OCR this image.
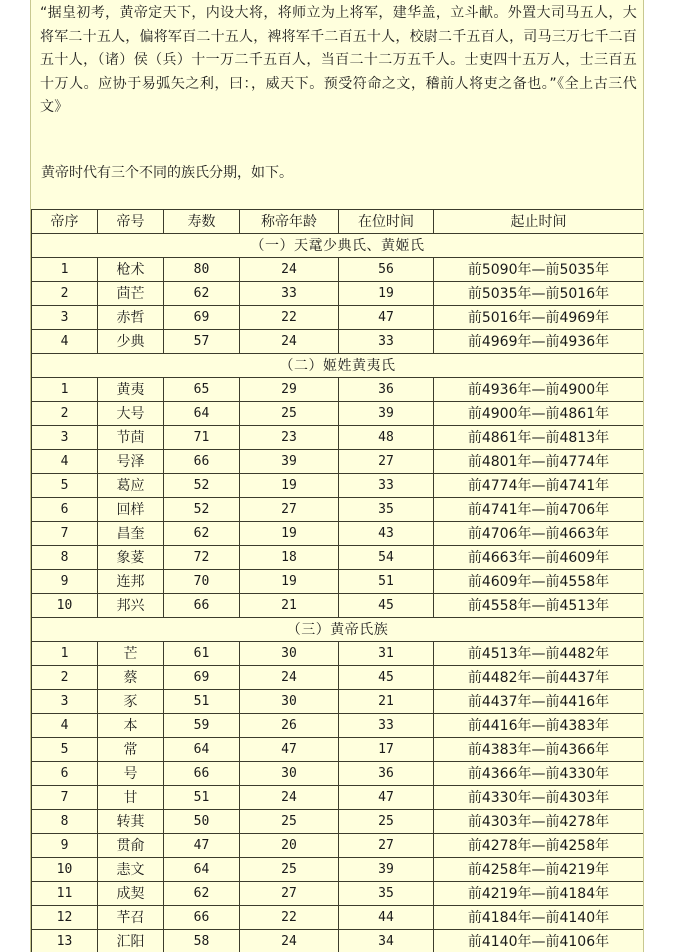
“据皇初考，黄帝定天下，内设大将，将师立为上将军，建华盖，立斗献。外置大司马五人，大将军二十五人，偏将军百二十五人，裨将军千二百五十人，校尉二千五百人，司马三万七千二百五十人，（诸）侯（兵）十一万二千五百人，当百二十二万五千人。士吏四十五万人，士三百五十万人。应协于易弧矢之利，曰：，威天下。预受符命之文，稽前人将吏之备也。”《全上古三代文》

黄帝时代有三个不同的族氏分期，如下。

帝序	帝号	寿数	称帝年龄	在位时间	起止时间
（一）天鼋少典氏、黄姬氏					
1	枪术	80	24	56	前5090年—前5035年
2	茴芒	62	33	19	前5035年—前5016年
3	赤哲	69	22	47	前5016年—前4969年
4	少典	57	24	33	前4969年—前4936年
（二）姬姓黄夷氏					
1	黄夷	65	29	36	前4936年—前4900年
2	大号	64	25	39	前4900年—前4861年
3	节茴	71	23	48	前4861年—前4813年
4	号泽	66	39	27	前4801年—前4774年
5	葛应	52	19	33	前4774年—前4741年
6	回样	52	27	35	前4741年—前4706年
7	昌奎	62	19	43	前4706年—前4663年
8	象荽	72	18	54	前4663年—前4609年
9	连邦	70	19	51	前4609年—前4558年
10	邦兴	66	21	45	前4558年—前4513年
（三）黄帝氏族					
1	芒	61	30	31	前4513年—前4482年
2	蔡	69	24	45	前4482年—前4437年
3	豕	51	30	21	前4437年—前4416年
4	本	59	26	33	前4416年—前4383年
5	常	64	47	17	前4383年—前4366年
6	号	66	30	36	前4366年—前4330年
7	甘	51	24	47	前4330年—前4303年
8	转萁	50	25	25	前4303年—前4278年
9	贯俞	47	20	27	前4278年—前4258年
10	恚文	64	25	39	前4258年—前4219年
11	成契	62	27	35	前4219年—前4184年
12	芊召	66	22	44	前4184年—前4140年
13	汇阳	58	24	34	前4140年—前4106年
